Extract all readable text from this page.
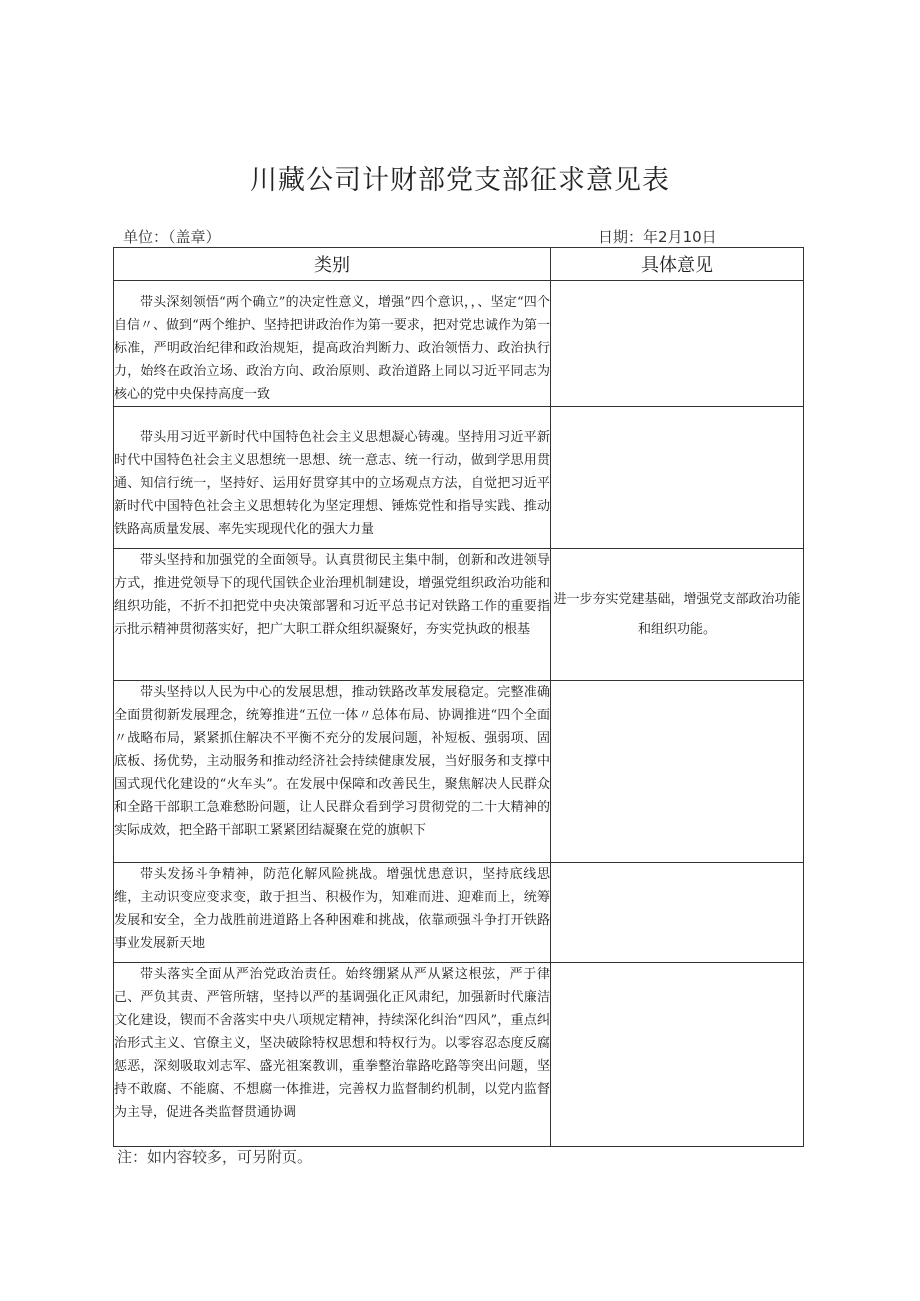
川藏公司计财部党支部征求意见表
单位：（盖章）	日期：年2月10日
类别	具体意见

带头深刻领悟“两个确立”的决定性意义，增强”四个意识，，、坚定“四个自信〃、做到“两个维护、坚持把讲政治作为第一要求，把对党忠诚作为第一标准，严明政治纪律和政治规矩，提高政治判断力、政治领悟力、政治执行力，始终在政治立场、政治方向、政治原则、政治道路上同以习近平同志为核心的党中央保持高度一致	

带头用习近平新时代中国特色社会主义思想凝心铸魂。坚持用习近平新时代中国特色社会主义思想统一思想、统一意志、统一行动，做到学思用贯通、知信行统一，坚持好、运用好贯穿其中的立场观点方法，自觉把习近平新时代中国特色社会主义思想转化为坚定理想、锤炼党性和指导实践、推动铁路高质量发展、率先实现现代化的强大力量	

带头坚持和加强党的全面领导。认真贯彻民主集中制，创新和改进领导方式，推进党领导下的现代国铁企业治理机制建设，增强党组织政治功能和组织功能，不折不扣把党中央决策部署和习近平总书记对铁路工作的重要指示批示精神贯彻落实好，把广大职工群众组织凝聚好，夯实党执政的根基	进一步夯实党建基础，增强党支部政治功能和组织功能。

带头坚持以人民为中心的发展思想，推动铁路改革发展稳定。完整准确全面贯彻新发展理念，统筹推进“五位一体〃总体布局、协调推进“四个全面〃战略布局，紧紧抓住解决不平衡不充分的发展问题，补短板、强弱项、固底板、扬优势，主动服务和推动经济社会持续健康发展，当好服务和支撑中国式现代化建设的“火车头”。在发展中保障和改善民生，聚焦解决人民群众和全路干部职工急难愁盼问题，让人民群众看到学习贯彻党的二十大精神的实际成效，把全路干部职工紧紧团结凝聚在党的旗帜下	

带头发扬斗争精神，防范化解风险挑战。增强忧患意识，坚持底线思维，主动识变应变求变，敢于担当、积极作为，知难而进、迎难而上，统筹发展和安全，全力战胜前进道路上各种困难和挑战，依靠顽强斗争打开铁路事业发展新天地	

带头落实全面从严治党政治责任。始终绷紧从严从紧这根弦，严于律己、严负其责、严管所辖，坚持以严的基调强化正风肃纪，加强新时代廉洁文化建设，锲而不舍落实中央八项规定精神，持续深化纠治“四风”，重点纠治形式主义、官僚主义，坚决破除特权思想和特权行为。以零容忍态度反腐惩恶，深刻吸取刘志军、盛光祖案教训，重拳整治靠路吃路等突出问题，坚持不敢腐、不能腐、不想腐一体推进，完善权力监督制约机制，以党内监督为主导，促进各类监督贯通协调	

注：如内容较多，可另附页。
